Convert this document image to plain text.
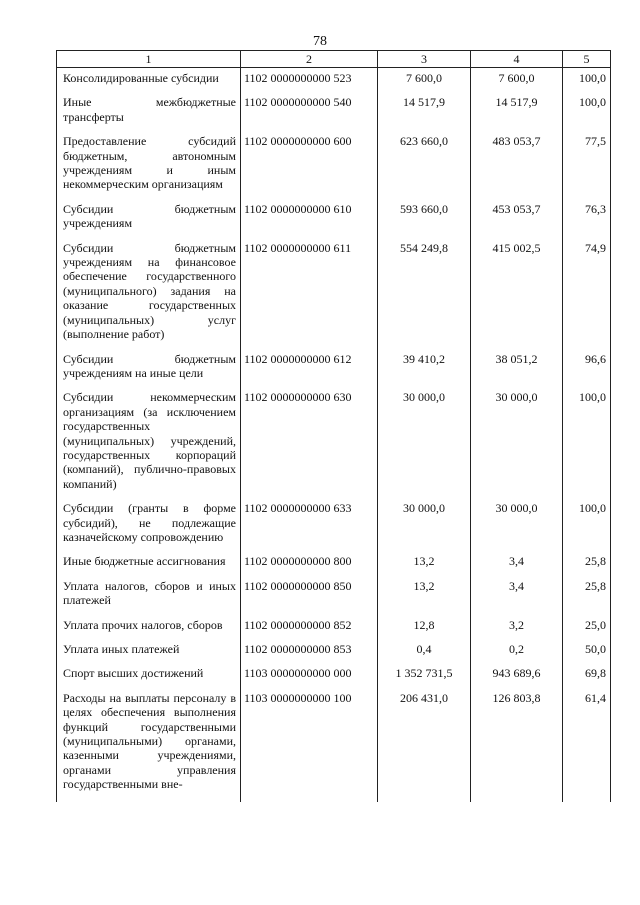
78
1	2	3	4	5
Консолидированные субсидии	1102 0000000000 523	7 600,0	7 600,0	100,0
Иные межбюджетные трансферты	1102 0000000000 540	14 517,9	14 517,9	100,0
Предоставление субсидий бюджетным, автономным учреждениям и иным некоммерческим организациям	1102 0000000000 600	623 660,0	483 053,7	77,5
Субсидии бюджетным учреждениям	1102 0000000000 610	593 660,0	453 053,7	76,3
Субсидии бюджетным учреждениям на финансовое обеспечение государственного (муниципального) задания на оказание государственных (муниципальных) услуг (выполнение работ)	1102 0000000000 611	554 249,8	415 002,5	74,9
Субсидии бюджетным учреждениям на иные цели	1102 0000000000 612	39 410,2	38 051,2	96,6
Субсидии некоммерческим организациям (за исключением государственных (муниципальных) учреждений, государственных корпораций (компаний), публично-правовых компаний)	1102 0000000000 630	30 000,0	30 000,0	100,0
Субсидии (гранты в форме субсидий), не подлежащие казначейскому сопровождению	1102 0000000000 633	30 000,0	30 000,0	100,0
Иные бюджетные ассигнования	1102 0000000000 800	13,2	3,4	25,8
Уплата налогов, сборов и иных платежей	1102 0000000000 850	13,2	3,4	25,8
Уплата прочих налогов, сборов	1102 0000000000 852	12,8	3,2	25,0
Уплата иных платежей	1102 0000000000 853	0,4	0,2	50,0
Спорт высших достижений	1103 0000000000 000	1 352 731,5	943 689,6	69,8
Расходы на выплаты персоналу в целях обеспечения выполнения функций государственными (муниципальными) органами, казенными учреждениями, органами управления государственными вне-	1103 0000000000 100	206 431,0	126 803,8	61,4
